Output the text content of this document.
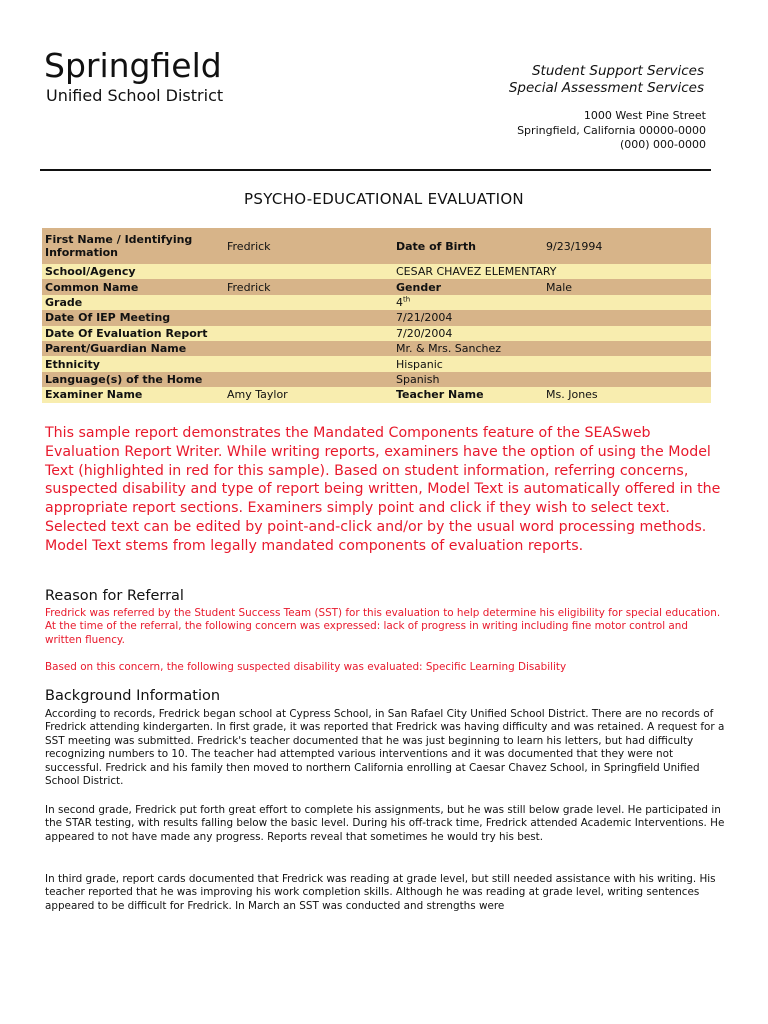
Springfield
Unified School District
Student Support Services
Special Assessment Services
1000 West Pine Street
Springfield, California 00000-0000
(000) 000-0000
PSYCHO-EDUCATIONAL EVALUATION
First Name / Identifying Information	Fredrick	Date of Birth	9/23/1994
School/Agency		CESAR CHAVEZ ELEMENTARY	
Common Name	Fredrick	Gender	Male
Grade		4th
Date Of IEP Meeting		7/21/2004	
Date Of Evaluation Report		7/20/2004	
Parent/Guardian Name		Mr. & Mrs. Sanchez	
Ethnicity		Hispanic	
Language(s) of the Home		Spanish	
Examiner Name	Amy Taylor	Teacher Name	Ms. Jones
This sample report demonstrates the Mandated Components feature of the SEASweb Evaluation Report Writer. While writing reports, examiners have the option of using the Model Text (highlighted in red for this sample). Based on student information, referring concerns, suspected disability and type of report being written, Model Text is automatically offered in the appropriate report sections. Examiners simply point and click if they wish to select text. Selected text can be edited by point-and-click and/or by the usual word processing methods. Model Text stems from legally mandated components of evaluation reports.
Reason for Referral
Fredrick was referred by the Student Success Team (SST) for this evaluation to help determine his eligibility for special education. At the time of the referral, the following concern was expressed: lack of progress in writing including fine motor control and written fluency.
Based on this concern, the following suspected disability was evaluated: Specific Learning Disability
Background Information
According to records, Fredrick began school at Cypress School, in San Rafael City Unified School District. There are no records of Fredrick attending kindergarten. In first grade, it was reported that Fredrick was having difficulty and was retained. A request for a SST meeting was submitted. Fredrick's teacher documented that he was just beginning to learn his letters, but had difficulty recognizing numbers to 10. The teacher had attempted various interventions and it was documented that they were not successful. Fredrick and his family then moved to northern California enrolling at Caesar Chavez School, in Springfield Unified School District.
In second grade, Fredrick put forth great effort to complete his assignments, but he was still below grade level. He participated in the STAR testing, with results falling below the basic level. During his off-track time, Fredrick attended Academic Interventions. He appeared to not have made any progress. Reports reveal that sometimes he would try his best.
In third grade, report cards documented that Fredrick was reading at grade level, but still needed assistance with his writing. His teacher reported that he was improving his work completion skills. Although he was reading at grade level, writing sentences appeared to be difficult for Fredrick. In March an SST was conducted and strengths were
